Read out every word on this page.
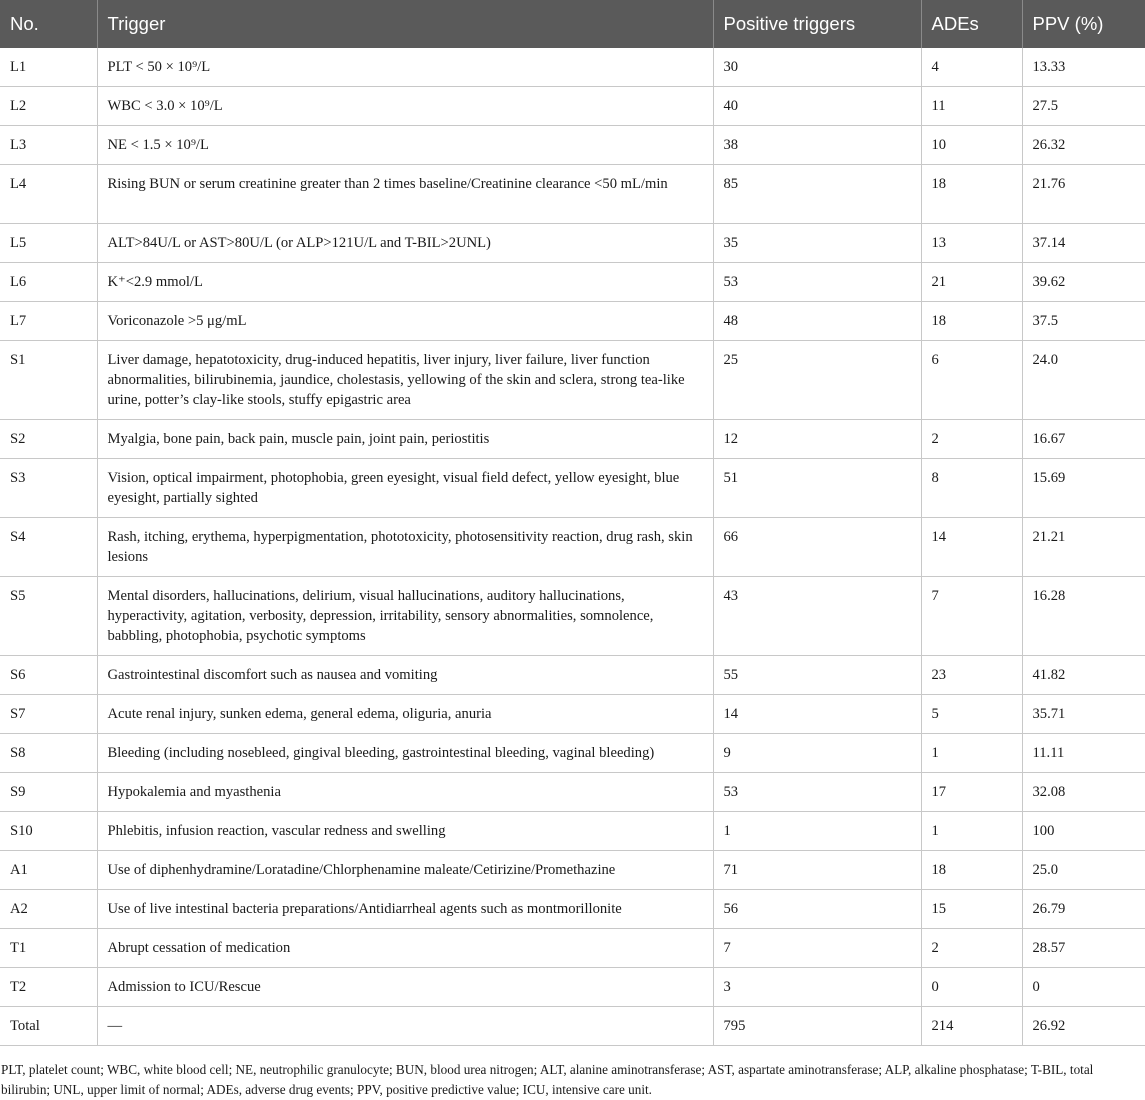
No.	Trigger	Positive triggers	ADEs	PPV (%)
L1	PLT < 50 × 10⁹/L	30	4	13.33
L2	WBC < 3.0 × 10⁹/L	40	11	27.5
L3	NE < 1.5 × 10⁹/L	38	10	26.32
L4	Rising BUN or serum creatinine greater than 2 times baseline/Creatinine clearance <50 mL/min	85	18	21.76
L5	ALT>84U/L or AST>80U/L (or ALP>121U/L and T-BIL>2UNL)	35	13	37.14
L6	K⁺<2.9 mmol/L	53	21	39.62
L7	Voriconazole >5 μg/mL	48	18	37.5
S1	Liver damage, hepatotoxicity, drug-induced hepatitis, liver injury, liver failure, liver function abnormalities, bilirubinemia, jaundice, cholestasis, yellowing of the skin and sclera, strong tea-like urine, potter’s clay-like stools, stuffy epigastric area	25	6	24.0
S2	Myalgia, bone pain, back pain, muscle pain, joint pain, periostitis	12	2	16.67
S3	Vision, optical impairment, photophobia, green eyesight, visual field defect, yellow eyesight, blue eyesight, partially sighted	51	8	15.69
S4	Rash, itching, erythema, hyperpigmentation, phototoxicity, photosensitivity reaction, drug rash, skin lesions	66	14	21.21
S5	Mental disorders, hallucinations, delirium, visual hallucinations, auditory hallucinations, hyperactivity, agitation, verbosity, depression, irritability, sensory abnormalities, somnolence, babbling, photophobia, psychotic symptoms	43	7	16.28
S6	Gastrointestinal discomfort such as nausea and vomiting	55	23	41.82
S7	Acute renal injury, sunken edema, general edema, oliguria, anuria	14	5	35.71
S8	Bleeding (including nosebleed, gingival bleeding, gastrointestinal bleeding, vaginal bleeding)	9	1	11.11
S9	Hypokalemia and myasthenia	53	17	32.08
S10	Phlebitis, infusion reaction, vascular redness and swelling	1	1	100
A1	Use of diphenhydramine/Loratadine/Chlorphenamine maleate/Cetirizine/Promethazine	71	18	25.0
A2	Use of live intestinal bacteria preparations/Antidiarrheal agents such as montmorillonite	56	15	26.79
T1	Abrupt cessation of medication	7	2	28.57
T2	Admission to ICU/Rescue	3	0	0
Total	—	795	214	26.92
PLT, platelet count; WBC, white blood cell; NE, neutrophilic granulocyte; BUN, blood urea nitrogen; ALT, alanine aminotransferase; AST, aspartate aminotransferase; ALP, alkaline phosphatase; T-BIL, total bilirubin; UNL, upper limit of normal; ADEs, adverse drug events; PPV, positive predictive value; ICU, intensive care unit.
